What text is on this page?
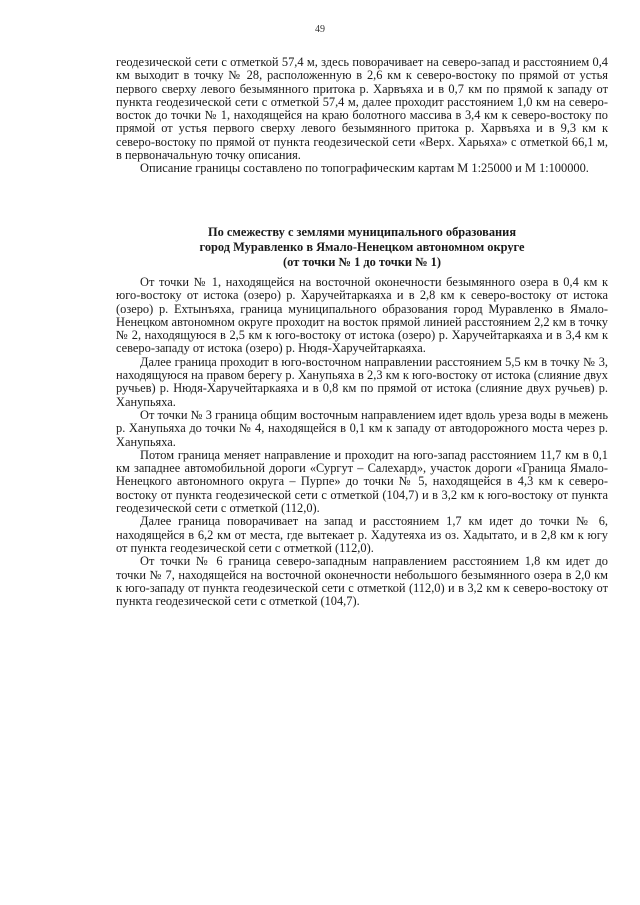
49

геодезической сети с отметкой 57,4 м, здесь поворачивает на северо-запад и расстоянием 0,4 км выходит в точку № 28, расположенную в 2,6 км к северо-востоку по прямой от устья первого сверху левого безымянного притока р. Харвъяха и в 0,7 км по прямой к западу от пункта геодезической сети с отметкой 57,4 м, далее проходит расстоянием 1,0 км на северо-восток до точки № 1, находящейся на краю болотного массива в 3,4 км к северо-востоку по прямой от устья первого сверху левого безымянного притока р. Харвъяха и в 9,3 км к северо-востоку по прямой от пункта геодезической сети «Верх. Харьяха» с отметкой 66,1 м, в первоначальную точку описания.

Описание границы составлено по топографическим картам М 1:25000 и М 1:100000.

По смежеству с землями муниципального образования
город Муравленко в Ямало-Ненецком автономном округе
(от точки № 1 до точки № 1)

От точки № 1, находящейся на восточной оконечности безымянного озера в 0,4 км к юго-востоку от истока (озеро) р. Харучейтаркаяха и в 2,8 км к северо-востоку от истока (озеро) р. Ехтынъяха, граница муниципального образования город Муравленко в Ямало-Ненецком автономном округе проходит на восток прямой линией расстоянием 2,2 км в точку № 2, находящуюся в 2,5 км к юго-востоку от истока (озеро) р. Харучейтаркаяха и в 3,4 км к северо-западу от истока (озеро) р. Нюдя-Харучейтаркаяха.

Далее граница проходит в юго-восточном направлении расстоянием 5,5 км в точку № 3, находящуюся на правом берегу р. Ханупьяха в 2,3 км к юго-востоку от истока (слияние двух ручьев) р. Нюдя-Харучейтаркаяха и в 0,8 км по прямой от истока (слияние двух ручьев) р. Ханупьяха.

От точки № 3 граница общим восточным направлением идет вдоль уреза воды в межень р. Ханупьяха до точки № 4, находящейся в 0,1 км к западу от автодорожного моста через р. Ханупьяха.

Потом граница меняет направление и проходит на юго-запад расстоянием 11,7 км в 0,1 км западнее автомобильной дороги «Сургут – Салехард», участок дороги «Граница Ямало-Ненецкого автономного округа – Пурпе» до точки № 5, находящейся в 4,3 км к северо-востоку от пункта геодезической сети с отметкой (104,7) и в 3,2 км к юго-востоку от пункта геодезической сети с отметкой (112,0).

Далее граница поворачивает на запад и расстоянием 1,7 км идет до точки № 6, находящейся в 6,2 км от места, где вытекает р. Хадутеяха из оз. Хадытато, и в 2,8 км к югу от пункта геодезической сети с отметкой (112,0).

От точки № 6 граница северо-западным направлением расстоянием 1,8 км идет до точки № 7, находящейся на восточной оконечности небольшого безымянного озера в 2,0 км к юго-западу от пункта геодезической сети с отметкой (112,0) и в 3,2 км к северо-востоку от пункта геодезической сети с отметкой (104,7).
